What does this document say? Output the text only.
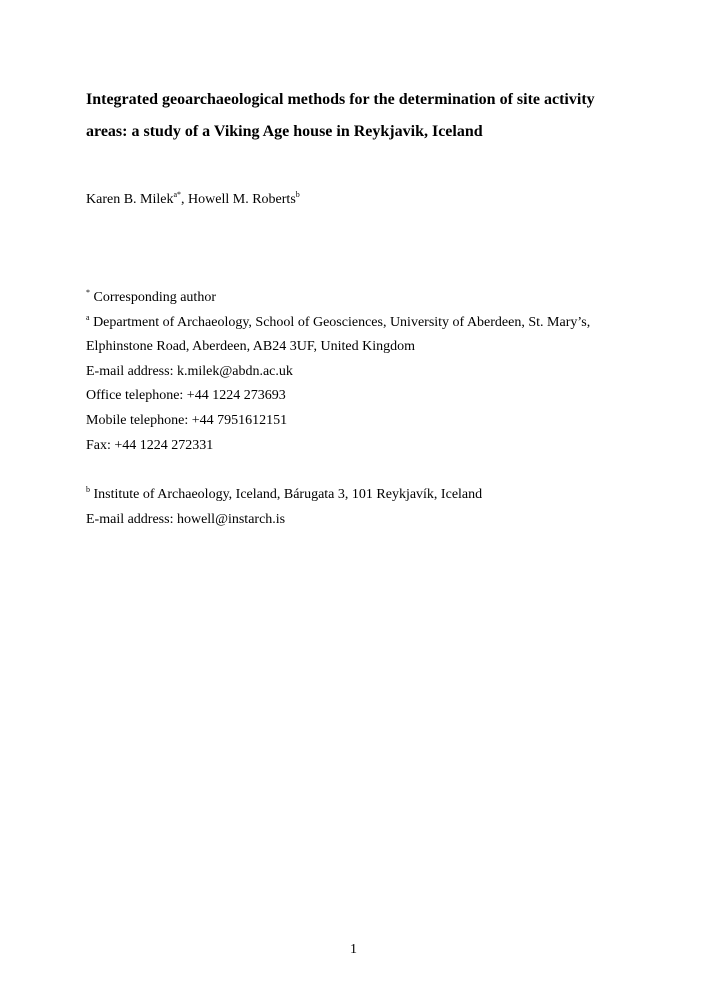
Integrated geoarchaeological methods for the determination of site activity
areas: a study of a Viking Age house in Reykjavik, Iceland
Karen B. Milek$^{a*}$, Howell M. Roberts$^b$

* Corresponding author

$^a$ Department of Archaeology, School of Geosciences, University of Aberdeen, St. Mary’s,

Elphinstone Road, Aberdeen, AB24 3UF, United Kingdom

E-mail address: k.milek@abdn.ac.uk

Office telephone: +44 1224 273693

Mobile telephone: +44 7951612151

Fax: +44 1224 272331

$^b$ Institute of Archaeology, Iceland, Bárugata 3, 101 Reykjavík, Iceland

E-mail address: howell@instarch.is

1
